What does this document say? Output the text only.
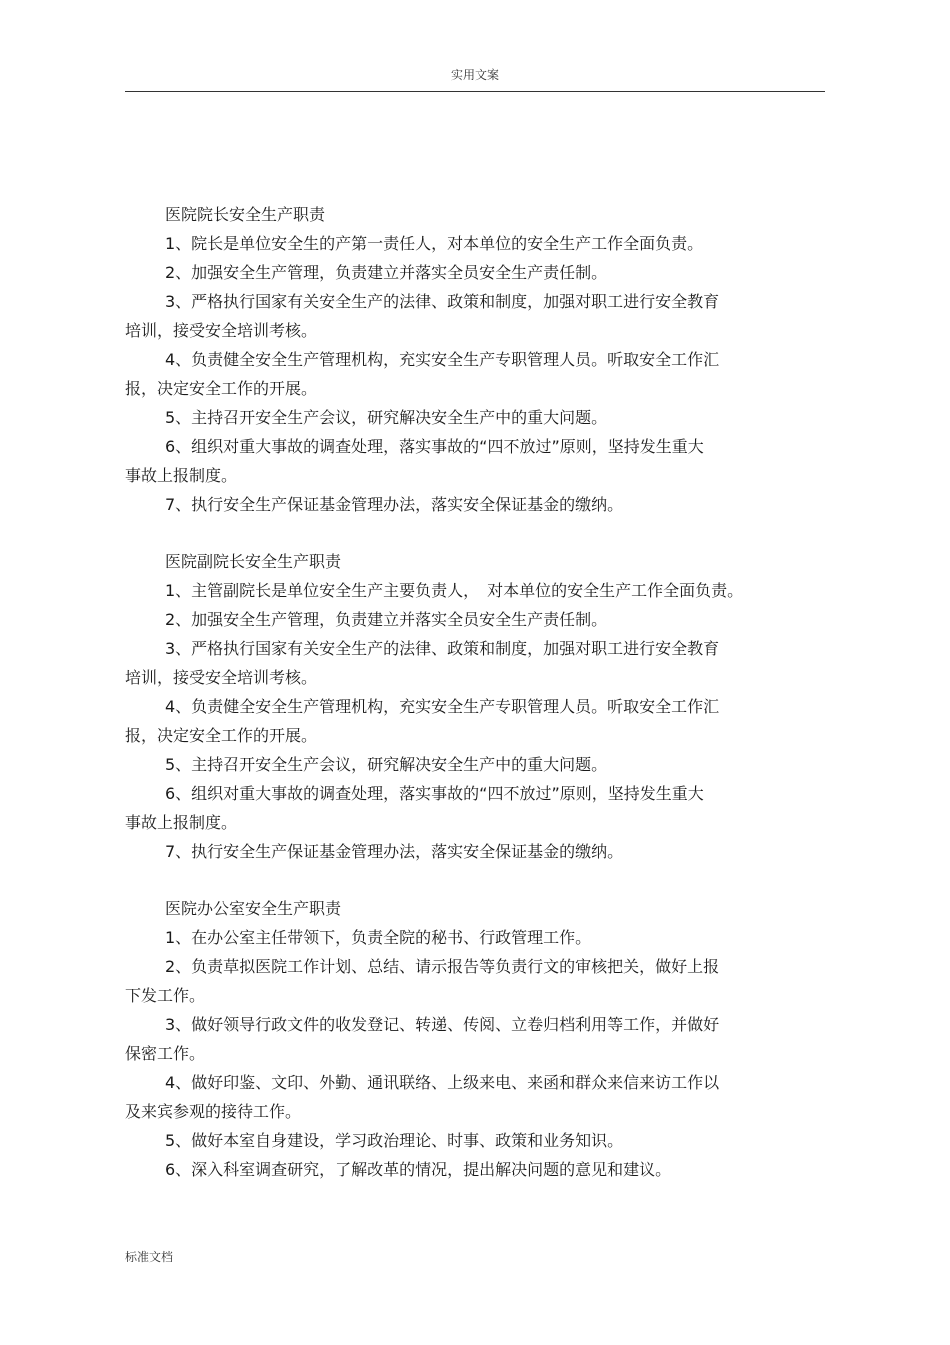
实用文案
医院院长安全生产职责

1、院长是单位安全生的产第一责任人，对本单位的安全生产工作全面负责。

2、加强安全生产管理，负责建立并落实全员安全生产责任制。

3、严格执行国家有关安全生产的法律、政策和制度，加强对职工进行安全教育
培训，接受安全培训考核。

4、负责健全安全生产管理机构，充实安全生产专职管理人员。听取安全工作汇
报，决定安全工作的开展。

5、主持召开安全生产会议，研究解决安全生产中的重大问题。

6、组织对重大事故的调查处理，落实事故的“四不放过”原则，坚持发生重大
事故上报制度。

7、执行安全生产保证基金管理办法，落实安全保证基金的缴纳。

医院副院长安全生产职责

1、主管副院长是单位安全生产主要负责人，　对本单位的安全生产工作全面负责。

2、加强安全生产管理，负责建立并落实全员安全生产责任制。

3、严格执行国家有关安全生产的法律、政策和制度，加强对职工进行安全教育
培训，接受安全培训考核。

4、负责健全安全生产管理机构，充实安全生产专职管理人员。听取安全工作汇
报，决定安全工作的开展。

5、主持召开安全生产会议，研究解决安全生产中的重大问题。

6、组织对重大事故的调查处理，落实事故的“四不放过”原则，坚持发生重大
事故上报制度。

7、执行安全生产保证基金管理办法，落实安全保证基金的缴纳。

医院办公室安全生产职责

1、在办公室主任带领下，负责全院的秘书、行政管理工作。

2、负责草拟医院工作计划、总结、请示报告等负责行文的审核把关，做好上报
下发工作。

3、做好领导行政文件的收发登记、转递、传阅、立卷归档利用等工作，并做好
保密工作。

4、做好印鉴、文印、外勤、通讯联络、上级来电、来函和群众来信来访工作以
及来宾参观的接待工作。

5、做好本室自身建设，学习政治理论、时事、政策和业务知识。

6、深入科室调查研究，了解改革的情况，提出解决问题的意见和建议。

标准文档
